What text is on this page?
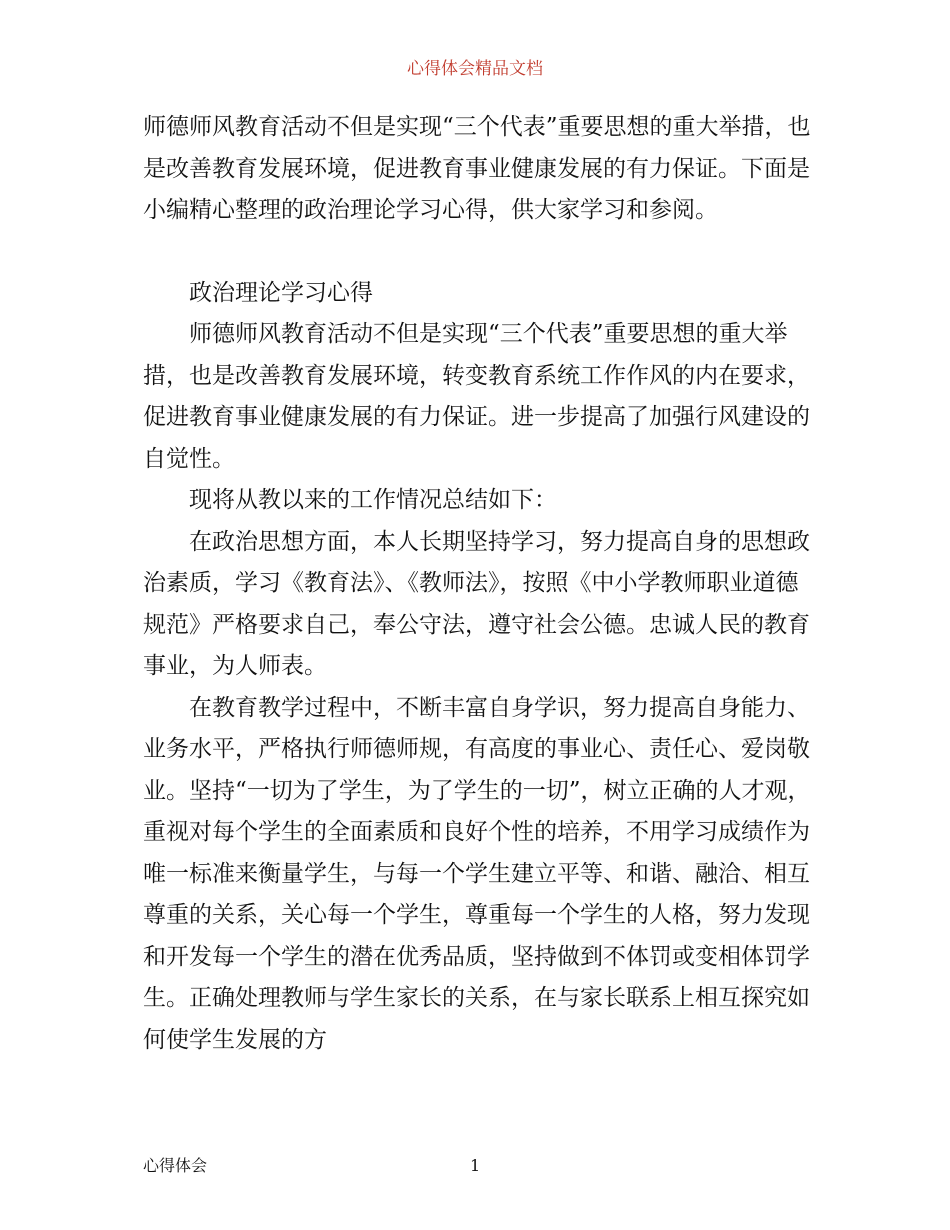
心得体会精品文档

师德师风教育活动不但是实现“三个代表”重要思想的重大举措，也是改善教育发展环境，促进教育事业健康发展的有力保证。下面是小编精心整理的政治理论学习心得，供大家学习和参阅。

政治理论学习心得

师德师风教育活动不但是实现“三个代表”重要思想的重大举措，也是改善教育发展环境，转变教育系统工作作风的内在要求，促进教育事业健康发展的有力保证。进一步提高了加强行风建设的自觉性。

现将从教以来的工作情况总结如下：

在政治思想方面，本人长期坚持学习，努力提高自身的思想政治素质，学习《教育法》、《教师法》，按照《中小学教师职业道德规范》严格要求自己，奉公守法，遵守社会公德。忠诚人民的教育事业，为人师表。

在教育教学过程中，不断丰富自身学识，努力提高自身能力、业务水平，严格执行师德师规，有高度的事业心、责任心、爱岗敬业。坚持“一切为了学生，为了学生的一切”，树立正确的人才观，重视对每个学生的全面素质和良好个性的培养，不用学习成绩作为唯一标准来衡量学生，与每一个学生建立平等、和谐、融洽、相互尊重的关系，关心每一个学生，尊重每一个学生的人格，努力发现和开发每一个学生的潜在优秀品质，坚持做到不体罚或变相体罚学生。正确处理教师与学生家长的关系，在与家长联系上相互探究如何使学生发展的方

心得体会	1
